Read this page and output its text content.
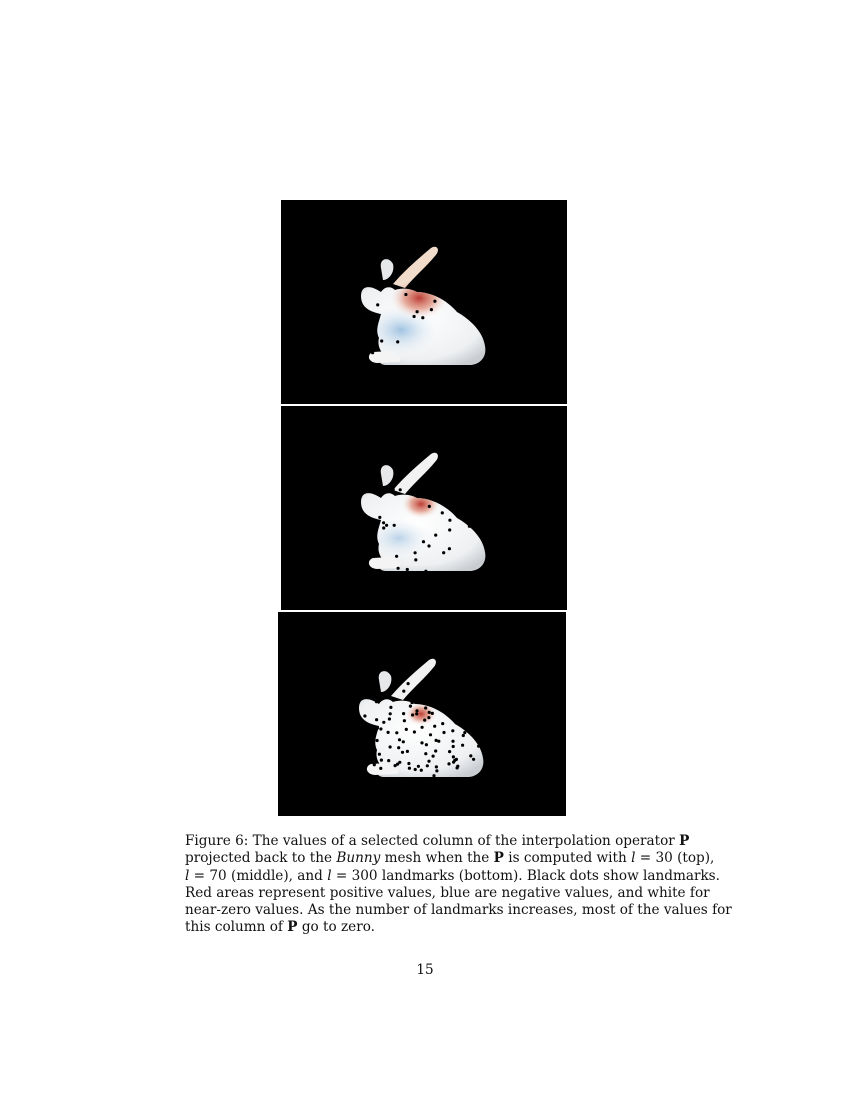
Figure 6: The values of a selected column of the interpolation operator P
projected back to the Bunny mesh when the P is computed with l = 30 (top),
l = 70 (middle), and l = 300 landmarks (bottom). Black dots show landmarks.
Red areas represent positive values, blue are negative values, and white for
near-zero values. As the number of landmarks increases, most of the values for
this column of P go to zero.
15
